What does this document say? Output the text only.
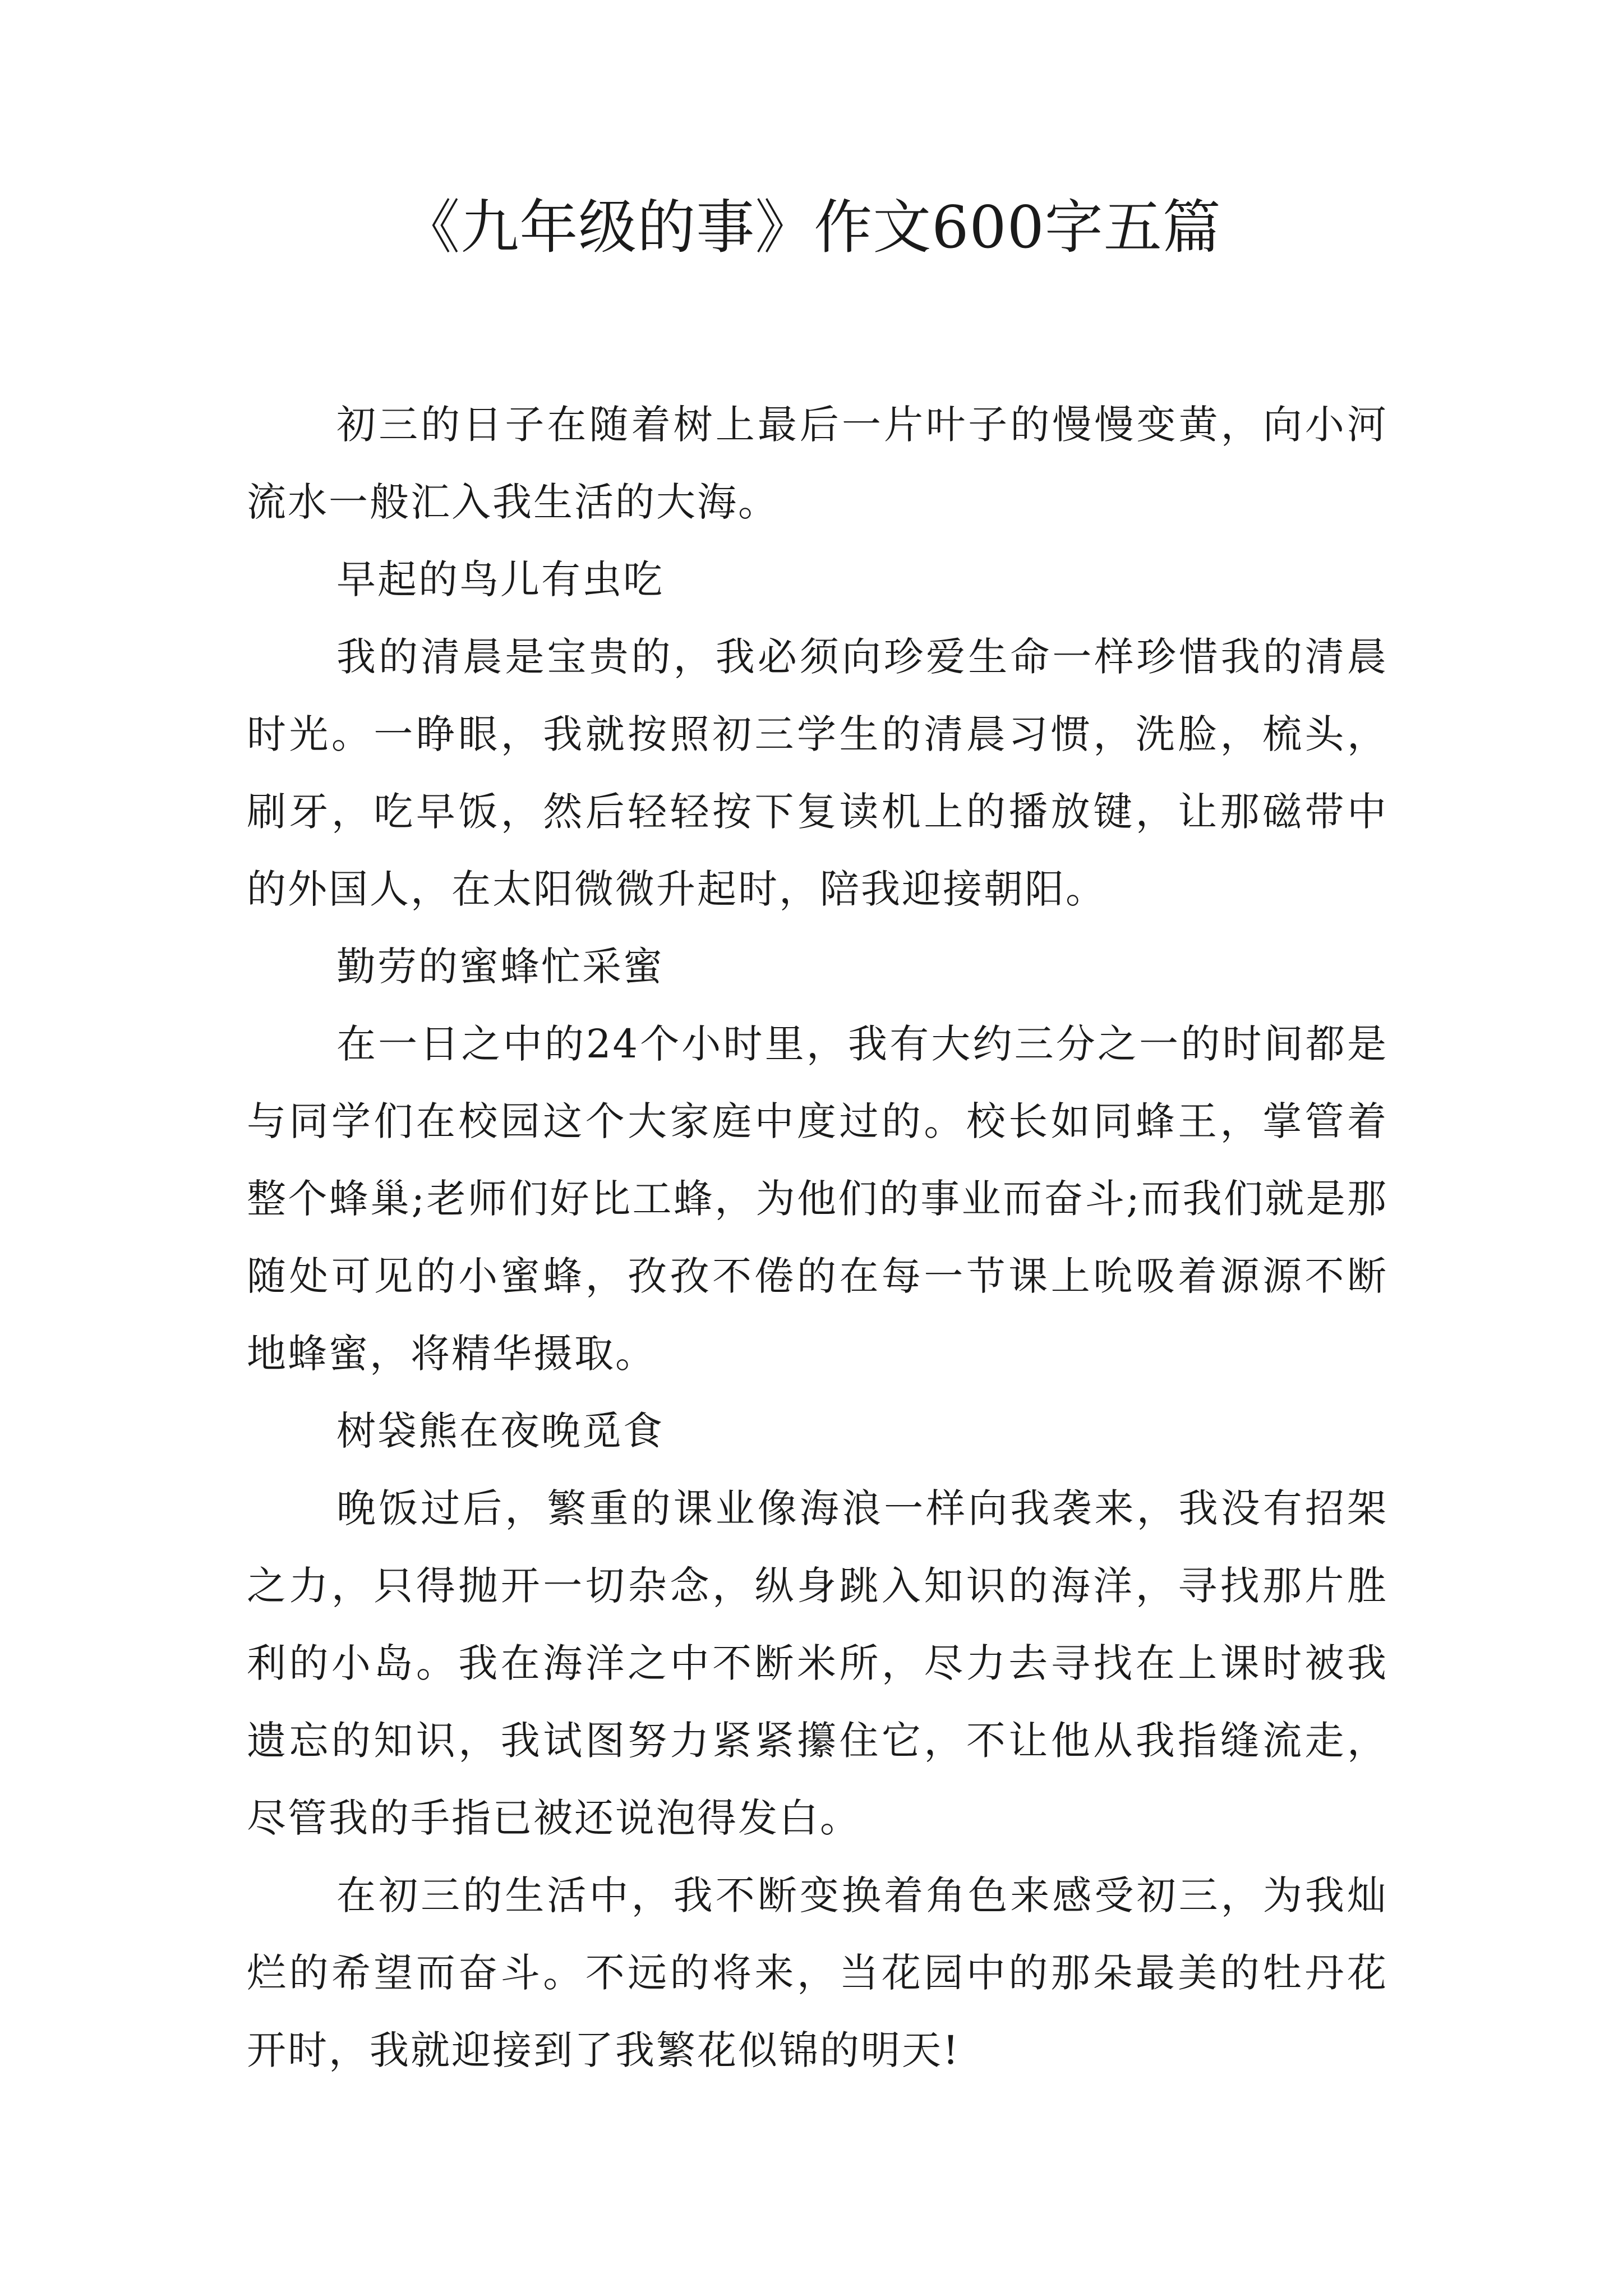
《九年级的事》作文600字五篇

初三的日子在随着树上最后一片叶子的慢慢变黄，向小河流水一般汇入我生活的大海。

早起的鸟儿有虫吃

我的清晨是宝贵的，我必须向珍爱生命一样珍惜我的清晨时光。一睁眼，我就按照初三学生的清晨习惯，洗脸，梳头，刷牙，吃早饭，然后轻轻按下复读机上的播放键，让那磁带中的外国人，在太阳微微升起时，陪我迎接朝阳。

勤劳的蜜蜂忙采蜜

在一日之中的24个小时里，我有大约三分之一的时间都是与同学们在校园这个大家庭中度过的。校长如同蜂王，掌管着整个蜂巢;老师们好比工蜂，为他们的事业而奋斗;而我们就是那随处可见的小蜜蜂，孜孜不倦的在每一节课上吮吸着源源不断地蜂蜜，将精华摄取。

树袋熊在夜晚觅食

晚饭过后，繁重的课业像海浪一样向我袭来，我没有招架之力，只得抛开一切杂念，纵身跳入知识的海洋，寻找那片胜利的小岛。我在海洋之中不断米所，尽力去寻找在上课时被我遗忘的知识，我试图努力紧紧攥住它，不让他从我指缝流走，尽管我的手指已被还说泡得发白。

在初三的生活中，我不断变换着角色来感受初三，为我灿烂的希望而奋斗。不远的将来，当花园中的那朵最美的牡丹花开时，我就迎接到了我繁花似锦的明天!
